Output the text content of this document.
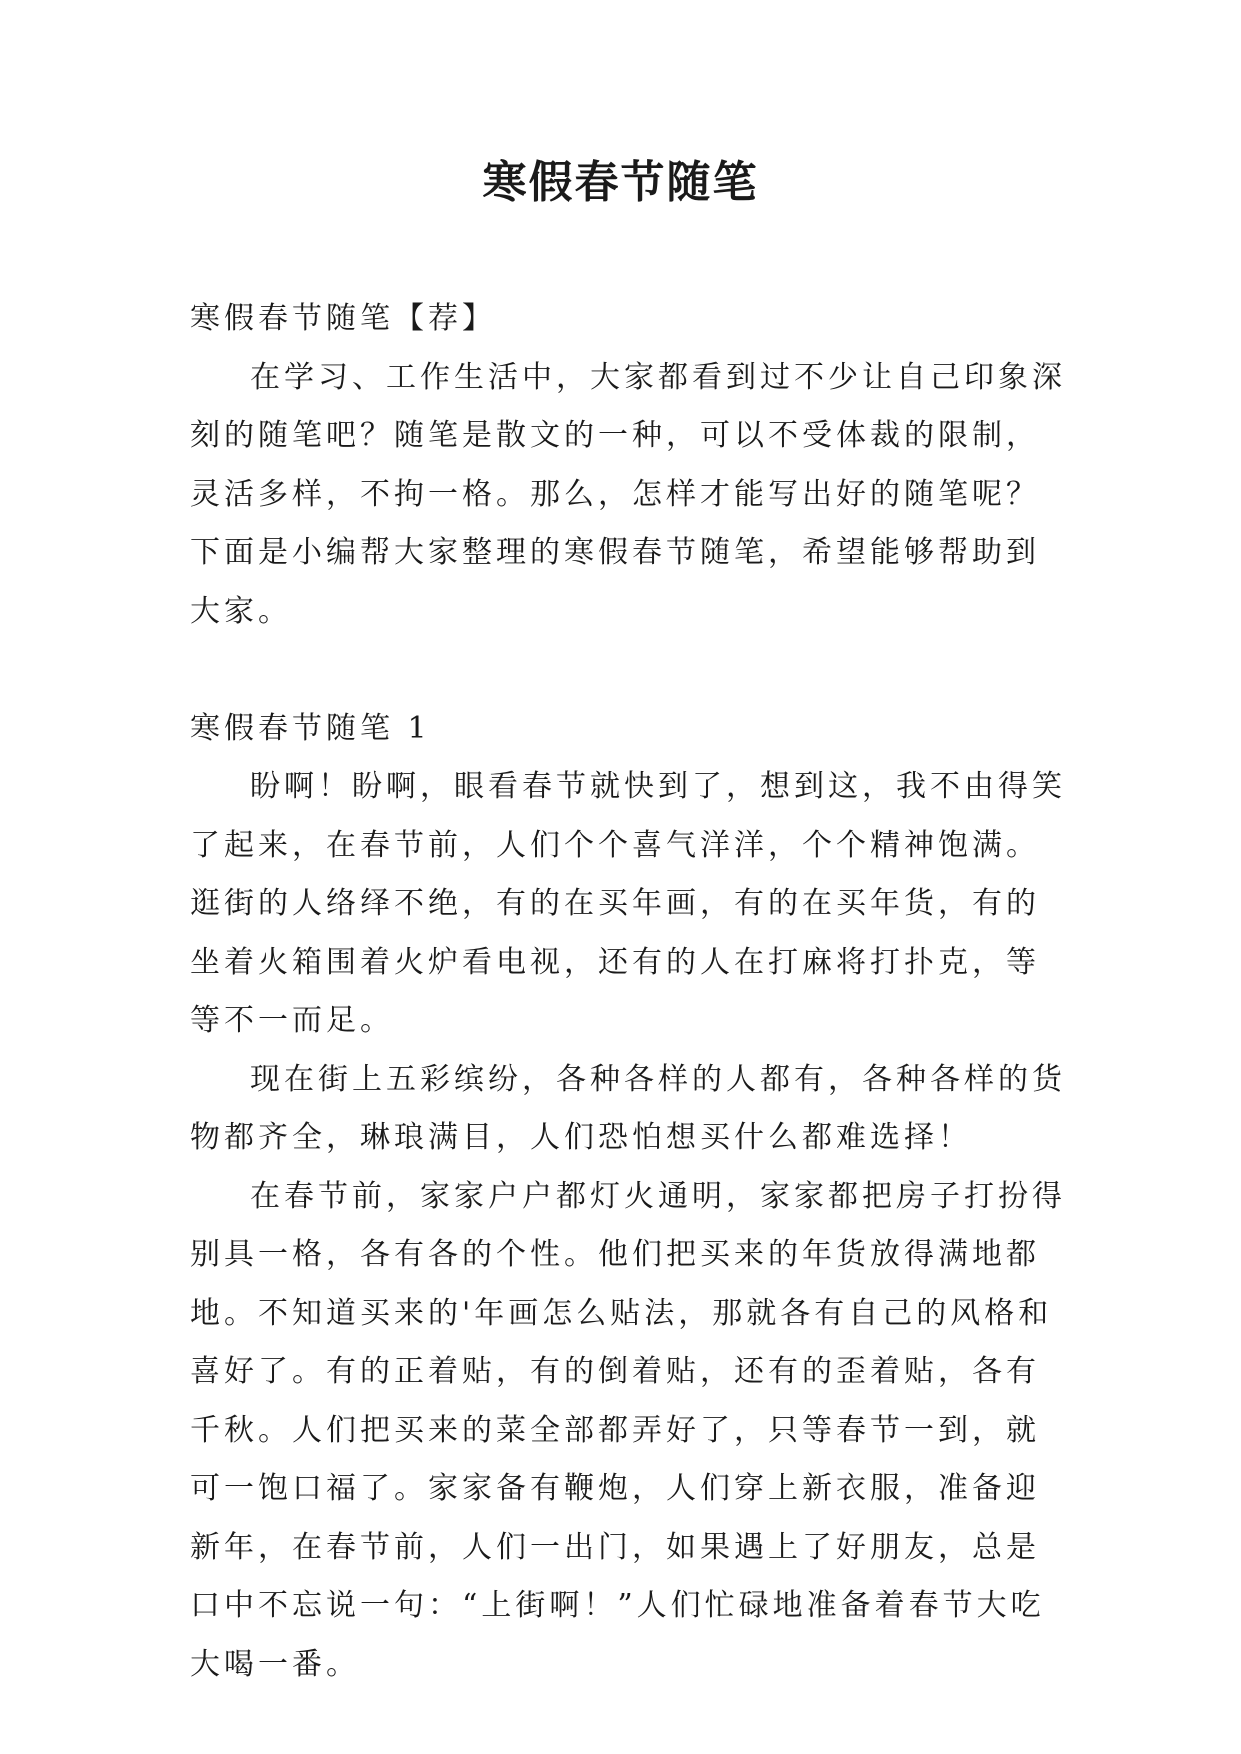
寒假春节随笔

寒假春节随笔【荐】

在学习、工作生活中，大家都看到过不少让自己印象深刻的随笔吧？随笔是散文的一种，可以不受体裁的限制，灵活多样，不拘一格。那么，怎样才能写出好的随笔呢？下面是小编帮大家整理的寒假春节随笔，希望能够帮助到大家。

寒假春节随笔 1

盼啊！盼啊，眼看春节就快到了，想到这，我不由得笑了起来，在春节前，人们个个喜气洋洋，个个精神饱满。逛街的人络绎不绝，有的在买年画，有的在买年货，有的坐着火箱围着火炉看电视，还有的人在打麻将打扑克，等等不一而足。

现在街上五彩缤纷，各种各样的人都有，各种各样的货物都齐全，琳琅满目，人们恐怕想买什么都难选择！

在春节前，家家户户都灯火通明，家家都把房子打扮得别具一格，各有各的个性。他们把买来的年货放得满地都地。不知道买来的'年画怎么贴法，那就各有自己的风格和喜好了。有的正着贴，有的倒着贴，还有的歪着贴，各有千秋。人们把买来的菜全部都弄好了，只等春节一到，就可一饱口福了。家家备有鞭炮，人们穿上新衣服，准备迎新年，在春节前，人们一出门，如果遇上了好朋友，总是口中不忘说一句：“上街啊！”人们忙碌地准备着春节大吃大喝一番。
